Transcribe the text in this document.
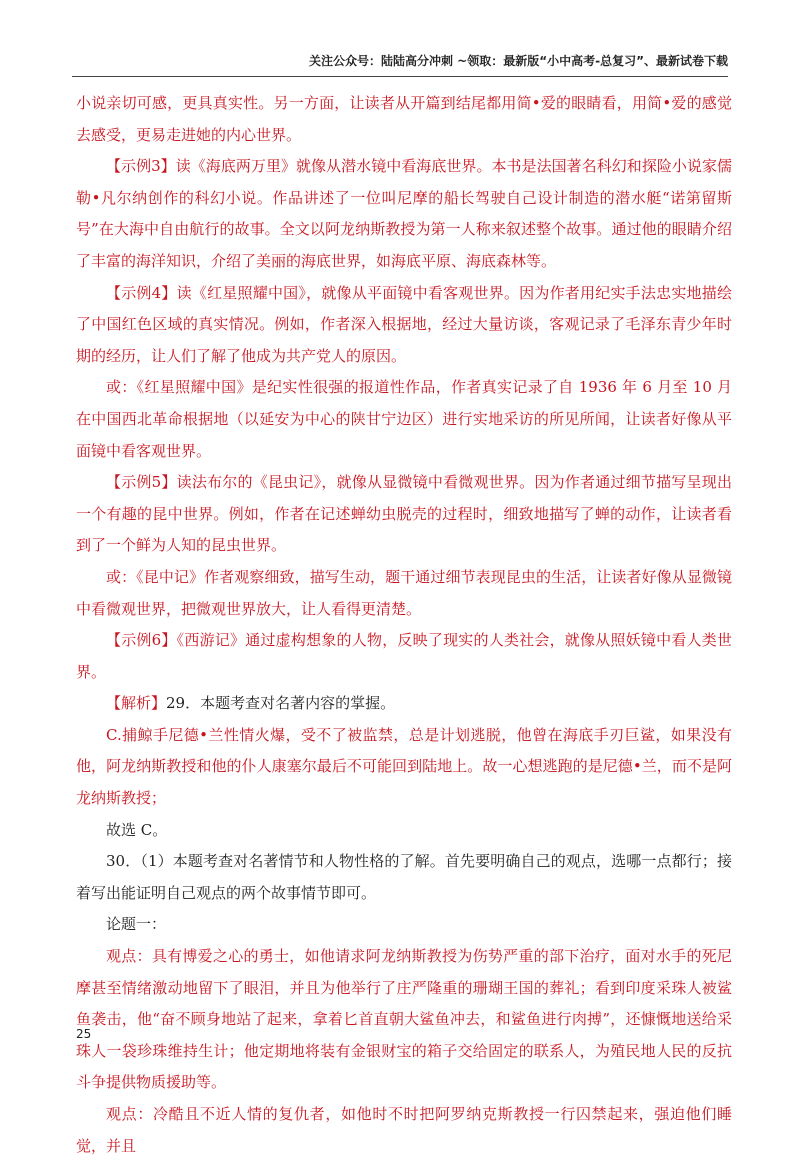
关注公众号：陆陆高分冲刺 ~领取：最新版“小中高考-总复习”、最新试卷下载

小说亲切可感，更具真实性。另一方面，让读者从开篇到结尾都用简•爱的眼睛看，用简•爱的感觉去感受，更易走进她的内心世界。

【示例3】读《海底两万里》就像从潜水镜中看海底世界。本书是法国著名科幻和探险小说家儒勒•凡尔纳创作的科幻小说。作品讲述了一位叫尼摩的船长驾驶自己设计制造的潜水艇“诺第留斯号”在大海中自由航行的故事。全文以阿龙纳斯教授为第一人称来叙述整个故事。通过他的眼睛介绍了丰富的海洋知识，介绍了美丽的海底世界，如海底平原、海底森林等。

【示例4】读《红星照耀中国》，就像从平面镜中看客观世界。因为作者用纪实手法忠实地描绘了中国红色区域的真实情况。例如，作者深入根据地，经过大量访谈，客观记录了毛泽东青少年时期的经历，让人们了解了他成为共产党人的原因。

或：《红星照耀中国》是纪实性很强的报道性作品，作者真实记录了自 1936 年 6 月至 10 月在中国西北革命根据地（以延安为中心的陕甘宁边区）进行实地采访的所见所闻，让读者好像从平面镜中看客观世界。

【示例5】读法布尔的《昆虫记》，就像从显微镜中看微观世界。因为作者通过细节描写呈现出一个有趣的昆中世界。例如，作者在记述蝉幼虫脱壳的过程时，细致地描写了蝉的动作，让读者看到了一个鲜为人知的昆虫世界。

或：《昆中记》作者观察细致，描写生动，题干通过细节表现昆虫的生活，让读者好像从显微镜中看微观世界，把微观世界放大，让人看得更清楚。

【示例6】《西游记》通过虚构想象的人物，反映了现实的人类社会，就像从照妖镜中看人类世界。

【解析】29．本题考查对名著内容的掌握。

C.捕鲸手尼德•兰性情火爆，受不了被监禁，总是计划逃脱，他曾在海底手刃巨鲨，如果没有他，阿龙纳斯教授和他的仆人康塞尔最后不可能回到陆地上。故一心想逃跑的是尼德•兰，而不是阿龙纳斯教授；

故选 C。

30．（1）本题考查对名著情节和人物性格的了解。首先要明确自己的观点，选哪一点都行；接着写出能证明自己观点的两个故事情节即可。

论题一：

观点：具有博爱之心的勇士，如他请求阿龙纳斯教授为伤势严重的部下治疗，面对水手的死尼摩甚至情绪激动地留下了眼泪，并且为他举行了庄严隆重的珊瑚王国的葬礼；看到印度采珠人被鲨鱼袭击，他“奋不顾身地站了起来，拿着匕首直朝大鲨鱼冲去，和鲨鱼进行肉搏”，还慷慨地送给采珠人一袋珍珠维持生计；他定期地将装有金银财宝的箱子交给固定的联系人，为殖民地人民的反抗斗争提供物质援助等。

观点：冷酷且不近人情的复仇者，如他时不时把阿罗纳克斯教授一行囚禁起来，强迫他们睡觉，并且

25
